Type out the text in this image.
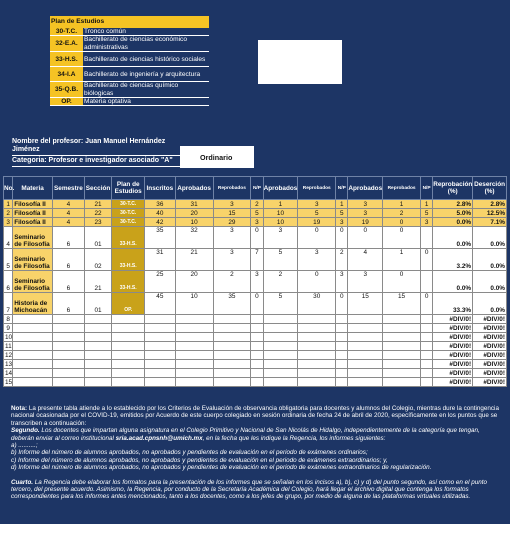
Plan de Estudios	
30-T.C.	Tronco común
32-E.A.	Bachillerato de ciencias económico administrativas
33-H.S.	Bachillerato de ciencias histórico sociales
34-I.A	Bachillerato de ingeniería y arquitectura
35-Q.B.	Bachillerato de ciencias químico biólogicas
OP.	Materia optativa
Nombre del profesor: Juan Manuel Hernández Jiménez
Categoria: Profesor e investigador asociado "A"	Ordinario
No.	Materia	Semestre	Sección	Plan de Estudios	Inscritos	Aprobados	Reprobados	N/P	Aprobados	Reprobados	N/P	Aprobados	Reprobados	N/P	Reprobación (%)	Deserción (%)
1	Filosofía II	4	21	30-T.C.	36	31	3	2	1	3	1	3	1	1	2.8%	2.8%
2	Filosofía II	4	22	30-T.C.	40	20	15	5	10	5	5	3	2	5	5.0%	12.5%
3	Filosofía II	4	23	30-T.C.	42	10	29	3	10	19	3	19	0	3	0.0%	7.1%
4	Seminario de Filosofía	6	01	33-H.S.	35	32	3	0	3	0	0	0	0		0.0%	0.0%
5	Seminario de Filosofía	6	02	33-H.S.	31	21	3	7	5	3	2	4	1	0	3.2%	0.0%
6	Seminario de Filosofía	6	21	33-H.S.	25	20	2	3	2	0	3	3	0		0.0%	0.0%
7	Historia de Michoacán	6	01	OP.	45	10	35	0	5	30	0	15	15	0	33.3%	0.0%
8															#DIV/0!	#DIV/0!
9															#DIV/0!	#DIV/0!
10															#DIV/0!	#DIV/0!
11															#DIV/0!	#DIV/0!
12															#DIV/0!	#DIV/0!
13															#DIV/0!	#DIV/0!
14															#DIV/0!	#DIV/0!
15															#DIV/0!	#DIV/0!

Nota: La presente tabla atiende a lo establecido por los Criterios de Evaluación de observancia obligatoria para docentes y alumnos del Colegio, mientras dure la contingencia nacional ocasionada por el COVID-19, emitidos por Acuerdo de este cuerpo colegiado en sesión ordinaria de fecha 24 de abril de 2020, específicamente en los puntos que se transcriben a continuación:

Segundo. Los docentes que impartan alguna asignatura en el Colegio Primitivo y Nacional de San Nicolás de Hidalgo, independientemente de la categoría que tengan, deberán enviar al correo institucional sria.acad.cpnsnh@umich.mx, en la fecha que les indique la Regencia, los informes siguientes:

a) ..........;

b) Informe del número de alumnos aprobados, no aprobados y pendientes de evaluación en el periodo de exámenes ordinarios;

c) Informe del número de alumnos aprobados, no aprobados y pendientes de evaluación en el periodo de exámenes extraordinarios; y,

d) Informe del número de alumnos aprobados, no aprobados y pendientes de evaluación en el periodo de exámenes extraordinarios de regularización.

Cuarto. La Regencia debe elaborar los formatos para la presentación de los informes que se señalan en los incisos a), b), c) y d) del punto segundo, así como en el punto tercero, del presente acuerdo. Asimismo, la Regencia, por conducto de la Secretaría Académica del Colegio, hará llegar el archivo digital que contenga los formatos correspondientes para los informes antes mencionados, tanto a los docentes, como a los jefes de grupo, por medio de alguna de las plataformas virtuales utilizadas.
